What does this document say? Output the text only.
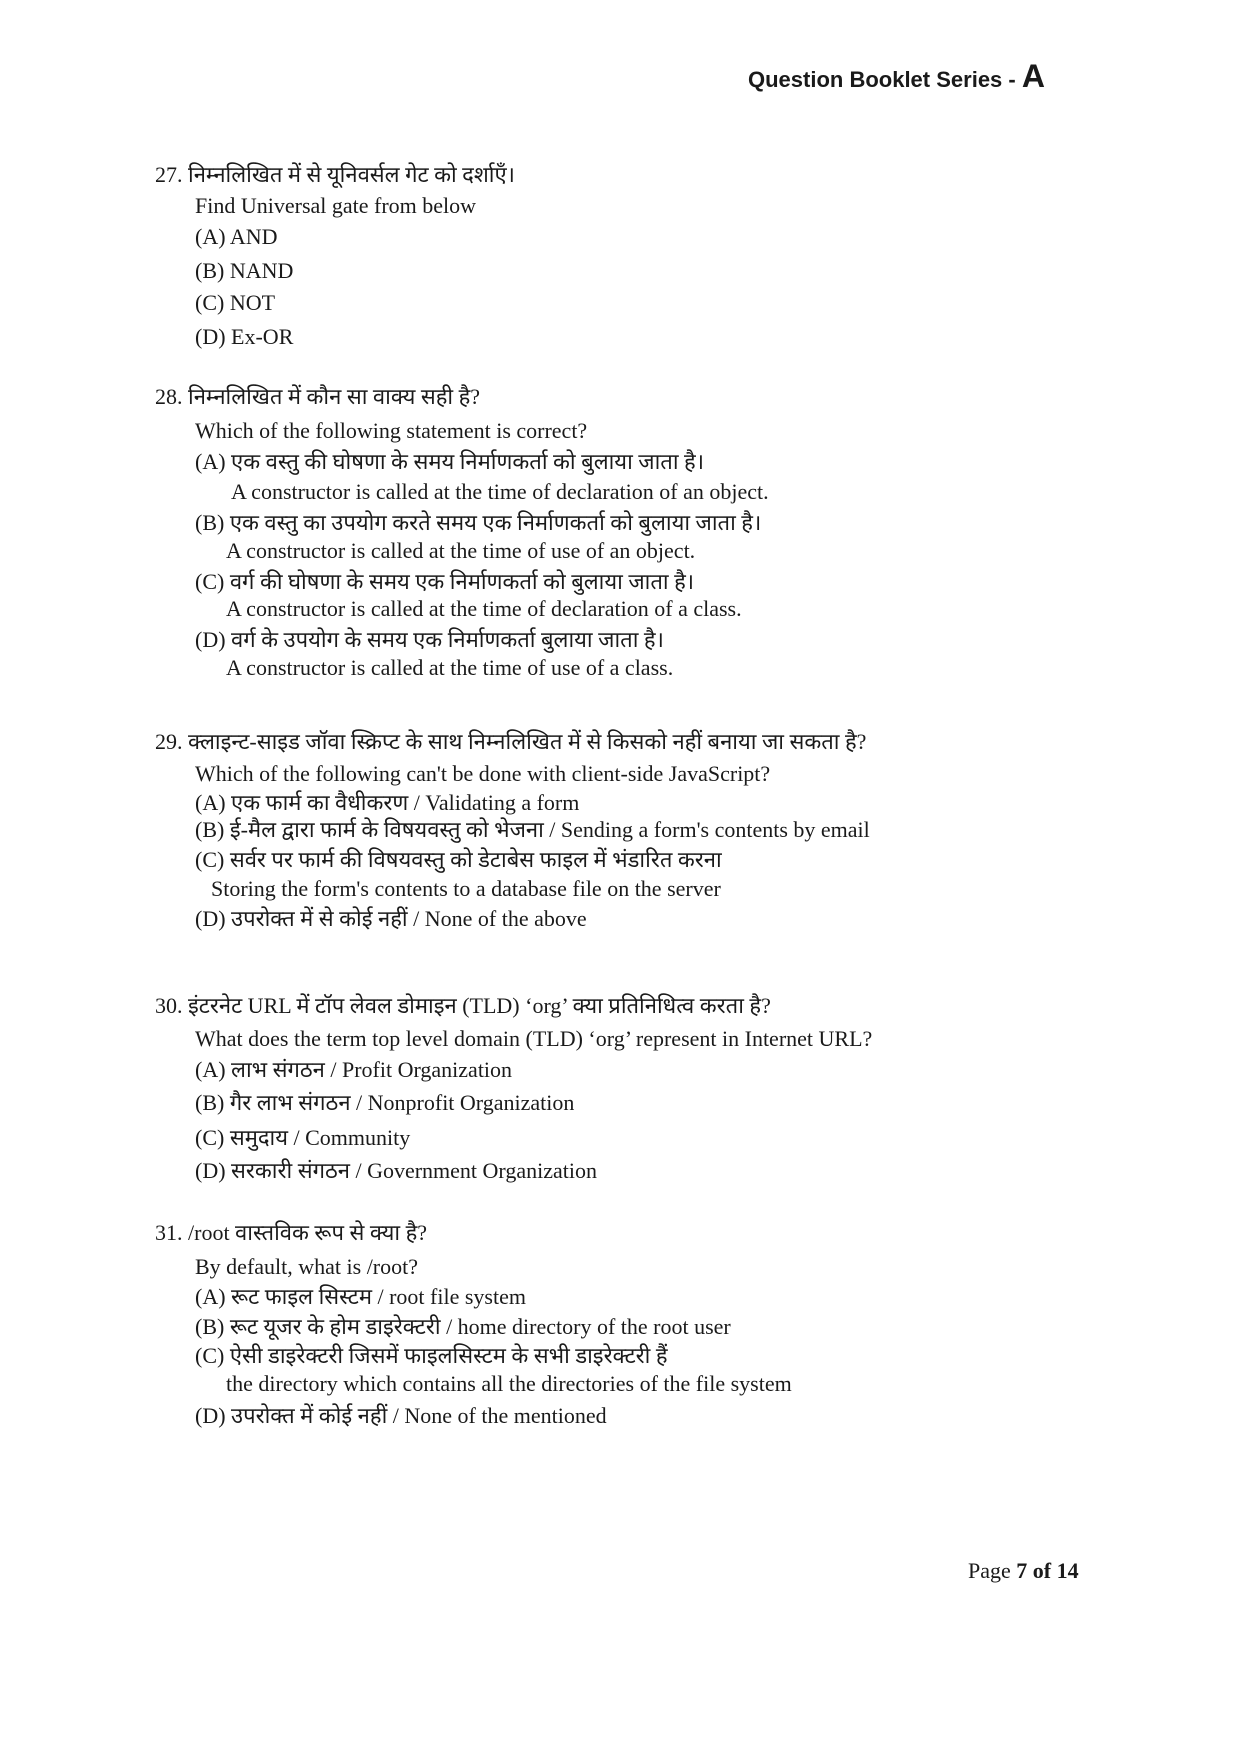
Question Booklet Series - A
27. निम्नलिखित में से यूनिवर्सल गेट को दर्शाएँ।
Find Universal gate from below
(A) AND
(B) NAND
(C) NOT
(D) Ex-OR
28. निम्नलिखित में कौन सा वाक्य सही है?
Which of the following statement is correct?
(A) एक वस्तु की घोषणा के समय निर्माणकर्ता को बुलाया जाता है।
A constructor is called at the time of declaration of an object.
(B) एक वस्तु का उपयोग करते समय एक निर्माणकर्ता को बुलाया जाता है।
A constructor is called at the time of use of an object.
(C) वर्ग की घोषणा के समय एक निर्माणकर्ता को बुलाया जाता है।
A constructor is called at the time of declaration of a class.
(D) वर्ग के उपयोग के समय एक निर्माणकर्ता बुलाया जाता है।
A constructor is called at the time of use of a class.
29. क्लाइन्ट-साइड जॉवा स्क्रिप्ट के साथ निम्नलिखित में से किसको नहीं बनाया जा सकता है?
Which of the following can't be done with client-side JavaScript?
(A) एक फार्म का वैधीकरण / Validating a form
(B) ई-मैल द्वारा फार्म के विषयवस्तु को भेजना / Sending a form's contents by email
(C) सर्वर पर फार्म की विषयवस्तु को डेटाबेस फाइल में भंडारित करना
Storing the form's contents to a database file on the server
(D) उपरोक्त में से कोई नहीं / None of the above
30. इंटरनेट URL में टॉप लेवल डोमाइन (TLD) ‘org’ क्या प्रतिनिधित्व करता है?
What does the term top level domain (TLD) ‘org’ represent in Internet URL?
(A) लाभ संगठन / Profit Organization
(B) गैर लाभ संगठन / Nonprofit Organization
(C) समुदाय / Community
(D) सरकारी संगठन / Government Organization
31. /root वास्तविक रूप से क्या है?
By default, what is /root?
(A) रूट फाइल सिस्टम / root file system
(B) रूट यूजर के होम डाइरेक्टरी / home directory of the root user
(C) ऐसी डाइरेक्टरी जिसमें फाइलसिस्टम के सभी डाइरेक्टरी हैं
the directory which contains all the directories of the file system
(D) उपरोक्त में कोई नहीं / None of the mentioned
Page 7 of 14
